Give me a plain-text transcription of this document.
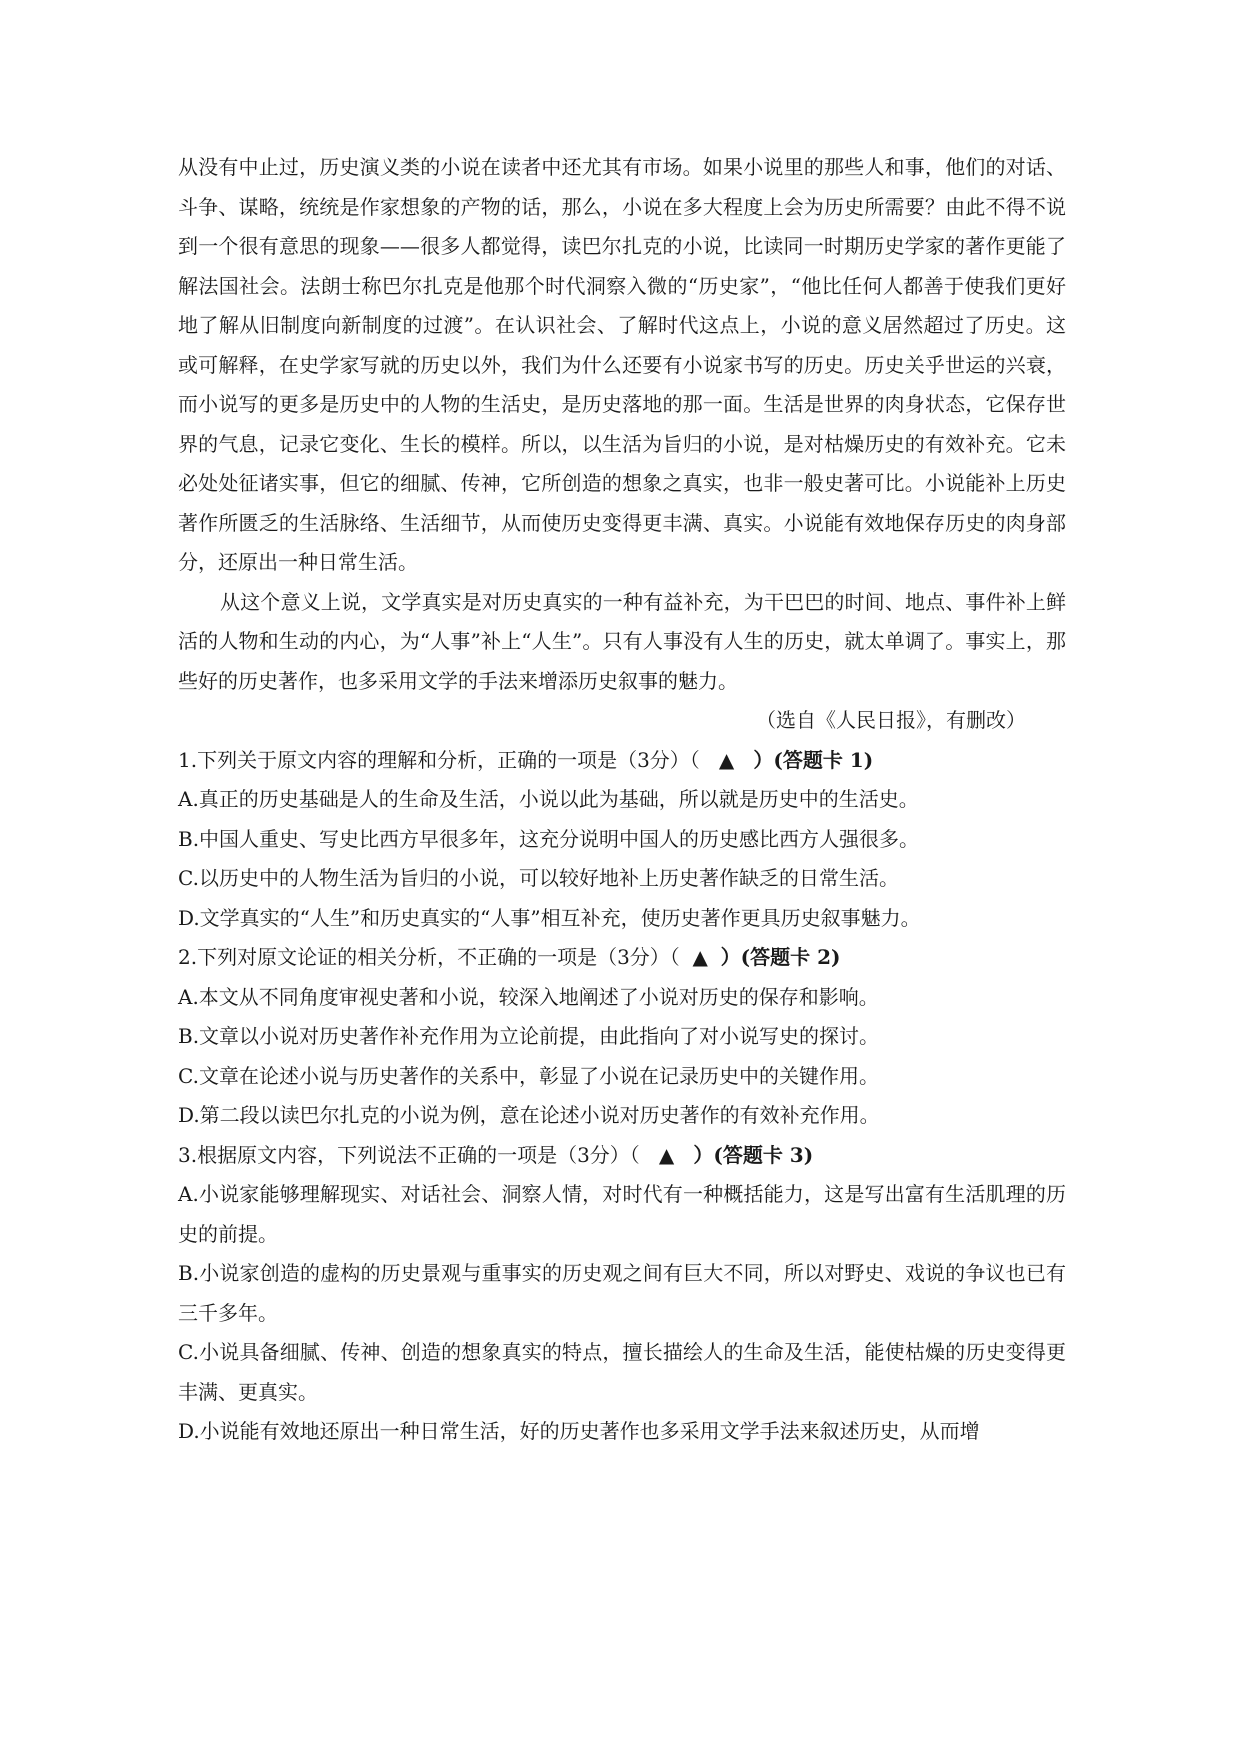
从没有中止过，历史演义类的小说在读者中还尤其有市场。如果小说里的那些人和事，他们的对话、斗争、谋略，统统是作家想象的产物的话，那么，小说在多大程度上会为历史所需要？由此不得不说到一个很有意思的现象——很多人都觉得，读巴尔扎克的小说，比读同一时期历史学家的著作更能了解法国社会。法朗士称巴尔扎克是他那个时代洞察入微的“历史家”，“他比任何人都善于使我们更好地了解从旧制度向新制度的过渡”。在认识社会、了解时代这点上，小说的意义居然超过了历史。这或可解释，在史学家写就的历史以外，我们为什么还要有小说家书写的历史。历史关乎世运的兴衰，而小说写的更多是历史中的人物的生活史，是历史落地的那一面。生活是世界的肉身状态，它保存世界的气息，记录它变化、生长的模样。所以，以生活为旨归的小说，是对枯燥历史的有效补充。它未必处处征诸实事，但它的细腻、传神，它所创造的想象之真实，也非一般史著可比。小说能补上历史著作所匮乏的生活脉络、生活细节，从而使历史变得更丰满、真实。小说能有效地保存历史的肉身部分，还原出一种日常生活。

从这个意义上说，文学真实是对历史真实的一种有益补充，为干巴巴的时间、地点、事件补上鲜活的人物和生动的内心，为“人事”补上“人生”。只有人事没有人生的历史，就太单调了。事实上，那些好的历史著作，也多采用文学的手法来增添历史叙事的魅力。

（选自《人民日报》，有删改）

1.下列关于原文内容的理解和分析，正确的一项是（3分）（ ▲ ）(答题卡 1)

A.真正的历史基础是人的生命及生活，小说以此为基础，所以就是历史中的生活史。

B.中国人重史、写史比西方早很多年，这充分说明中国人的历史感比西方人强很多。

C.以历史中的人物生活为旨归的小说，可以较好地补上历史著作缺乏的日常生活。

D.文学真实的“人生”和历史真实的“人事”相互补充，使历史著作更具历史叙事魅力。

2.下列对原文论证的相关分析，不正确的一项是（3分）（ ▲ ）(答题卡 2)

A.本文从不同角度审视史著和小说，较深入地阐述了小说对历史的保存和影响。

B.文章以小说对历史著作补充作用为立论前提，由此指向了对小说写史的探讨。

C.文章在论述小说与历史著作的关系中，彰显了小说在记录历史中的关键作用。

D.第二段以读巴尔扎克的小说为例，意在论述小说对历史著作的有效补充作用。

3.根据原文内容，下列说法不正确的一项是（3分）（ ▲ ）(答题卡 3)

A.小说家能够理解现实、对话社会、洞察人情，对时代有一种概括能力，这是写出富有生活肌理的历史的前提。

B.小说家创造的虚构的历史景观与重事实的历史观之间有巨大不同，所以对野史、戏说的争议也已有三千多年。

C.小说具备细腻、传神、创造的想象真实的特点，擅长描绘人的生命及生活，能使枯燥的历史变得更丰满、更真实。

D.小说能有效地还原出一种日常生活，好的历史著作也多采用文学手法来叙述历史，从而增
